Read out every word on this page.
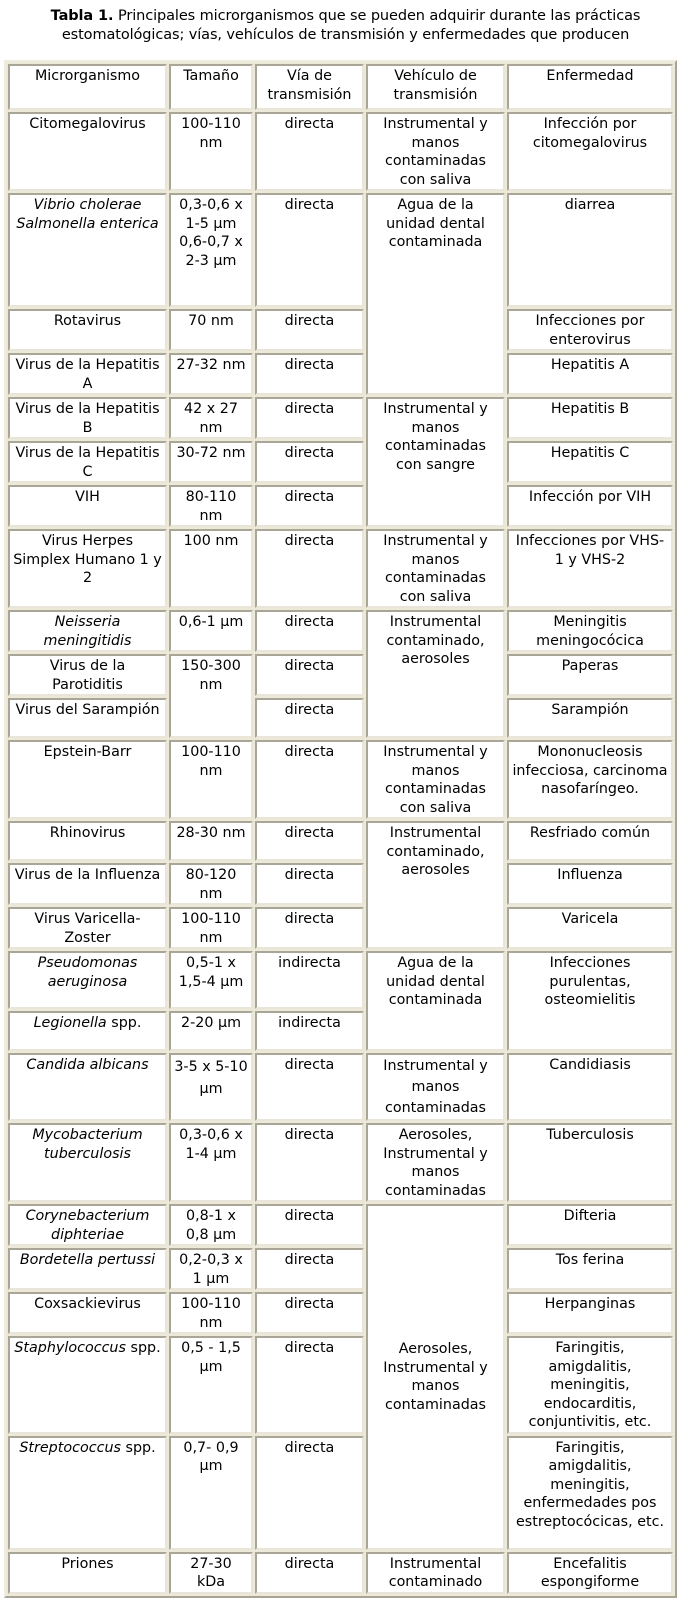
Tabla 1. Principales microrganismos que se pueden adquirir durante las prácticas estomatológicas; vías, vehículos de transmisión y enfermedades que producen
Microrganismo	Tamaño	Vía de transmisión	Vehículo de transmisión	Enfermedad
Citomegalovirus	100-110 nm	directa	Instrumental y manos contaminadas con saliva	Infección por citomegalovirus
Vibrio cholerae Salmonella enterica	0,3-0,6 x 1-5 µm 0,6-0,7 x 2-3 µm	directa	Agua de la unidad dental contaminada	diarrea
Rotavirus	70 nm	directa		Infecciones por enterovirus
Virus de la Hepatitis A	27-32 nm	directa		Hepatitis A
Virus de la Hepatitis B	42 x 27 nm	directa	Instrumental y manos contaminadas con sangre	Hepatitis B
Virus de la Hepatitis C	30-72 nm	directa		Hepatitis C
VIH	80-110 nm	directa		Infección por VIH
Virus Herpes Simplex Humano 1 y 2	100 nm	directa	Instrumental y manos contaminadas con saliva	Infecciones por VHS-1 y VHS-2
Neisseria meningitidis	0,6-1 µm	directa	Instrumental contaminado, aerosoles	Meningitis meningocócica
Virus de la Parotiditis	150-300 nm	directa		Paperas
Virus del Sarampión		directa		Sarampión
Epstein-Barr	100-110 nm	directa	Instrumental y manos contaminadas con saliva	Mononucleosis infecciosa, carcinoma nasofaríngeo.
Rhinovirus	28-30 nm	directa	Instrumental contaminado, aerosoles	Resfriado común
Virus de la Influenza	80-120 nm	directa		Influenza
Virus Varicella-Zoster	100-110 nm	directa		Varicela
Pseudomonas aeruginosa	0,5-1 x 1,5-4 µm	indirecta	Agua de la unidad dental contaminada	Infecciones purulentas, osteomielitis
Legionella spp.	2-20 µm	indirecta		
Candida albicans	3-5 x 5-10 µm	directa	Instrumental y manos contaminadas	Candidiasis
Mycobacterium tuberculosis	0,3-0,6 x 1-4 µm	directa	Aerosoles, Instrumental y manos contaminadas	Tuberculosis
Corynebacterium diphteriae	0,8-1 x 0,8 µm	directa	Aerosoles, Instrumental y manos contaminadas	Difteria
Bordetella pertussi	0,2-0,3 x 1 µm	directa		Tos ferina
Coxsackievirus	100-110 nm	directa		Herpanginas
Staphylococcus spp.	0,5 - 1,5 µm	directa		Faringitis, amigdalitis, meningitis, endocarditis, conjuntivitis, etc.
Streptococcus spp.	0,7- 0,9 µm	directa		Faringitis, amigdalitis, meningitis, enfermedades pos estreptocócicas, etc.
Priones	27-30 kDa	directa	Instrumental contaminado	Encefalitis espongiforme
